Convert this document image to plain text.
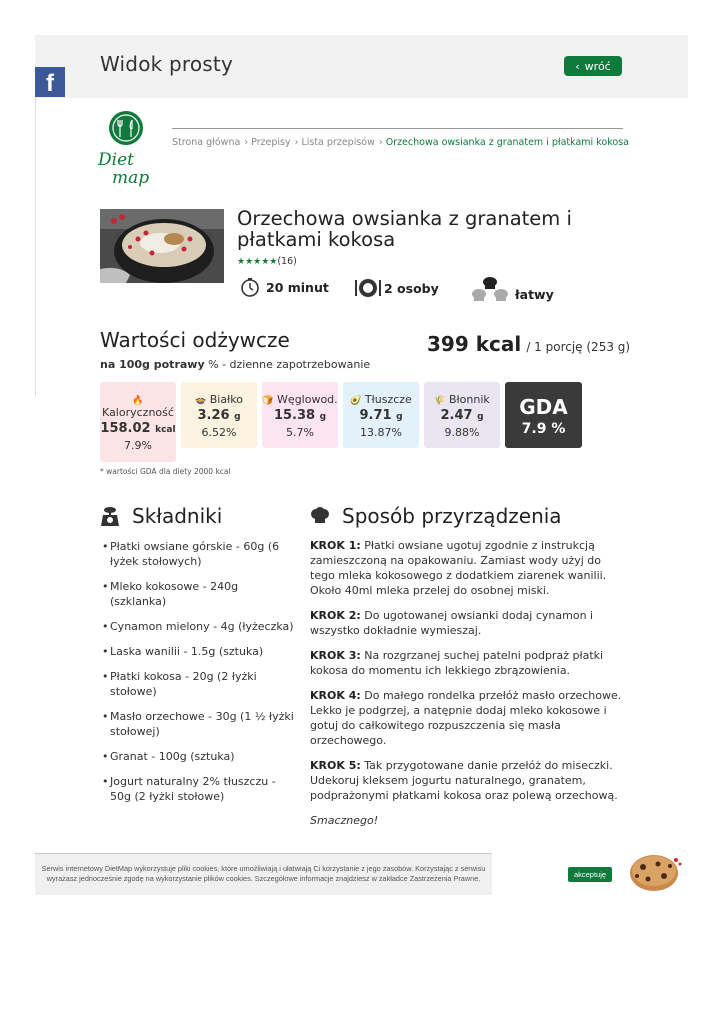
Widok prosty	‹ wróć
f
Diet
map
Strona główna › Przepisy › Lista przepisów › Orzechowa owsianka z granatem i płatkami kokosa
Orzechowa owsianka z granatem i płatkami kokosa
★★★★★(16)
20 minut	2 osoby	łatwy
Wartości odżywcze
na 100g potrawy % - dzienne zapotrzebowanie
399 kcal / 1 porcję (253 g)
🔥
Kaloryczność
158.02 kcal
7.9%
🍲 Białko
3.26 g
6.52%
🍞 Węglowod.
15.38 g
5.7%
🥑 Tłuszcze
9.71 g
13.87%
🌾 Błonnik
2.47 g
9.88%
GDA
7.9 %
* wartości GDA dla diety 2000 kcal
Składniki
• Płatki owsiane górskie - 60g (6 łyżek stołowych)
• Mleko kokosowe - 240g (szklanka)
• Cynamon mielony - 4g (łyżeczka)
• Laska wanilii - 1.5g (sztuka)
• Płatki kokosa - 20g (2 łyżki stołowe)
• Masło orzechowe - 30g (1 ½ łyżki stołowej)
• Granat - 100g (sztuka)
• Jogurt naturalny 2% tłuszczu - 50g (2 łyżki stołowe)
Sposób przyrządzenia

KROK 1: Płatki owsiane ugotuj zgodnie z instrukcją zamieszczoną na opakowaniu. Zamiast wody użyj do tego mleka kokosowego z dodatkiem ziarenek wanilii. Około 40ml mleka przelej do osobnej miski.

KROK 2: Do ugotowanej owsianki dodaj cynamon i wszystko dokładnie wymieszaj.

KROK 3: Na rozgrzanej suchej patelni podpraż płatki kokosa do momentu ich lekkiego zbrązowienia.

KROK 4: Do małego rondelka przełóż masło orzechowe. Lekko je podgrzej, a natępnie dodaj mleko kokosowe i gotuj do całkowitego rozpuszczenia się masła orzechowego.

KROK 5: Tak przygotowane danie przełóż do miseczki. Udekoruj kleksem jogurtu naturalnego, granatem, podprażonymi płatkami kokosa oraz polewą orzechową.

Smacznego!

Serwis internetowy DietMap wykorzystuje pliki cookies, które umożliwiają i ułatwiają Ci korzystanie z jego zasobów. Korzystając z serwisu wyrażasz jednocześnie zgodę na wykorzystanie plików cookies. Szczegółowe informacje znajdziesz w zakładce Zastrzeżenia Prawne.	akceptuję
